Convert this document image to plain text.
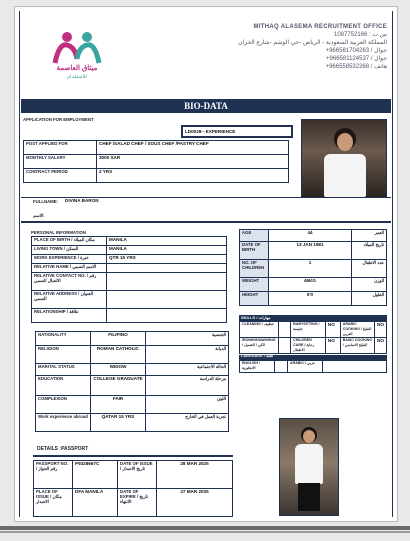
ميثاق العاصمة
للاستقدام
MITHAQ ALASEMA RECRUITMENT OFFICE
1087752166 : س.ت
المملكة العربية السعودية - الرياض -حي الوشم -شارع الخزان
+966581704263 / جوال
+966581124537 / جوال
+966558532268 / هاتف
BIO-DATA
APPLICATION FOR EMPLOYMENT
LD0028-- EXPERIENCE
POST APPLIED FOR	CHEF /SALAD CHEF / SOUS CHEF /PASTRY CHEF
MONTHLY SALARY	3000 SAR
CONTRACT PERIOD	2 YRS
FULLNAME: DIVINA BARON
الاسم:
PERSONAL INFORMATION
PLACE OF BIRTH / مكان الميلاد	MANILA
LIVING TOWN / السكن	MANILA
WORK EXPERIENCE / خبرة	QTR 15 YRS
RELATIVE NAME / الاسم النسبي	
RELATIVE CONTACT NO. / رقم الاتصال النسبي	
RELATIVE ADDRESS / العنوان النسبي	
RELATIONSHIP / علاقة	
AGE	44	العمر
DATE OF BIRTH	13 JAN 1981	تاريخ الميلاد
NO. OF CHILDREN	1	عدد الاطفال
WEIGHT	46KG	الوزن
HEIGHT	5'0	الطول
SKILLS / مهارات
CLEANING / تنظيف		BABYSITTING / جليسة	NO	ARABIC COOKING / الطبخ العربي	NO
IRONING/WASHING / الكي / الغسيل		CHILDREN CARE / رعاية الاطفال	NO	BASIC COOKING / الطبخ الاساسي	NO
LANGUAGE / اللغة
ENGLISH / الانجليزية		ARABIC / عربي	
NATIONALITY	FILIPINO	الجنسية
RELIGION	ROMAN CATHOLIC	الديانة
MARITAL STATUS	WIDOW	الحالة الاجتماعية
EDUCATION	COLLEGE GRADUATE	مرحلة الدراسة
COMPLEXION	FAIR	اللون
Work experience abroad	QATAR 15 YRS	تجربة العمل في الخارج
DETAILS :PASSPORT
PASSPORT NO. / رقم الجواز	P9328667C	DATE OF ISSUE / تاريخ الاصدار	28 MAR 2025
PLACE OF ISSUE / مكان الاصدار	DFA MANILA	DATE OF EXPIRE / تاريخ الانتهاء	27 MAR 2035
